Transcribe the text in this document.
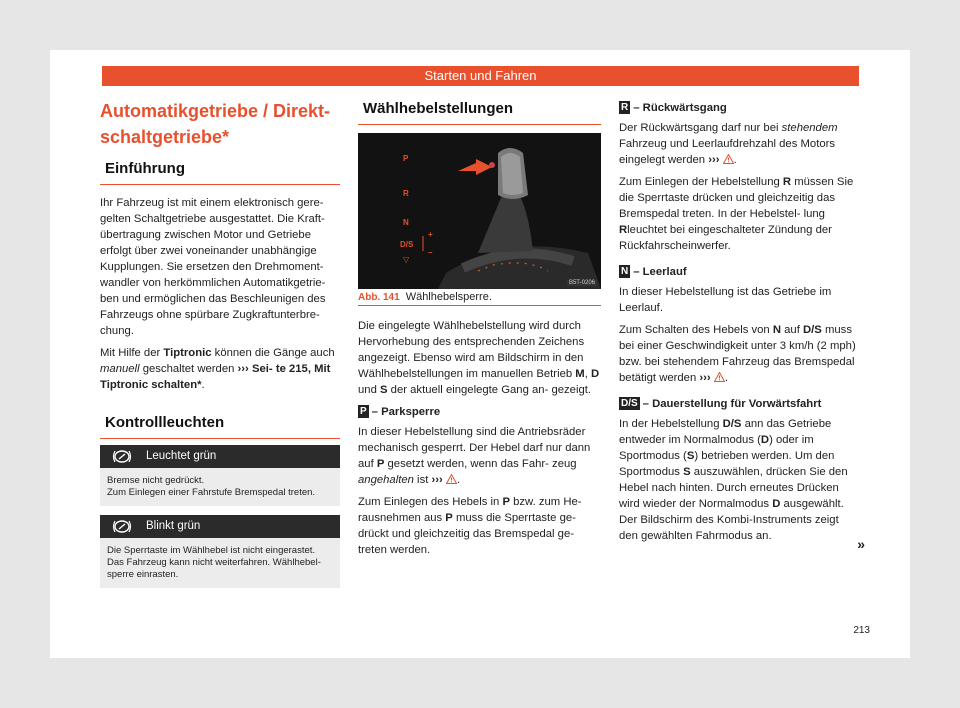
Starten und Fahren
Automatikgetriebe / Direkt-
schaltgetriebe*
Einführung

Ihr Fahrzeug ist mit einem elektronisch gere- gelten Schaltgetriebe ausgestattet. Die Kraft- übertragung zwischen Motor und Getriebe erfolgt über zwei voneinander unabhängige Kupplungen. Sie ersetzen den Drehmoment- wandler von herkömmlichen Automatikgetrie- ben und ermöglichen das Beschleunigen des Fahrzeugs ohne spürbare Zugkraftunterbre- chung.

Mit Hilfe der Tiptronic können die Gänge auch manuell geschaltet werden ››› Sei- te 215, Mit Tiptronic schalten*.

Kontrollleuchten
Leuchtet grün
Bremse nicht gedrückt.
Zum Einlegen einer Fahrstufe Bremspedal treten.
Blinkt grün
Die Sperrtaste im Wählhebel ist nicht eingerastet. Das Fahrzeug kann nicht weiterfahren. Wählhebel- sperre einrasten.
Wählhebelstellungen
P
R
N
D/S
▽
+
–
B5T-0206
Abb. 141 Wählhebelsperre.

Die eingelegte Wählhebelstellung wird durch Hervorhebung des entsprechenden Zeichens angezeigt. Ebenso wird am Bildschirm in den Wählhebelstellungen im manuellen Betrieb M, D und S der aktuell eingelegte Gang an- gezeigt.

P – Parksperre

In dieser Hebelstellung sind die Antriebsräder mechanisch gesperrt. Der Hebel darf nur dann auf P gesetzt werden, wenn das Fahr- zeug angehalten ist ››› .

Zum Einlegen des Hebels in P bzw. zum He- rausnehmen aus P muss die Sperrtaste ge- drückt und gleichzeitig das Bremspedal ge- treten werden.

R – Rückwärtsgang

Der Rückwärtsgang darf nur bei stehendem Fahrzeug und Leerlaufdrehzahl des Motors eingelegt werden ››› .

Zum Einlegen der Hebelstellung R müssen Sie die Sperrtaste drücken und gleichzeitig das Bremspedal treten. In der Hebelstel- lung Rleuchtet bei eingeschalteter Zündung der Rückfahrscheinwerfer.

N – Leerlauf

In dieser Hebelstellung ist das Getriebe im Leerlauf.

Zum Schalten des Hebels von N auf D/S muss bei einer Geschwindigkeit unter 3 km/h (2 mph) bzw. bei stehendem Fahrzeug das Bremspedal betätigt werden ››› .

D/S – Dauerstellung für Vorwärtsfahrt

In der Hebelstellung D/S ann das Getriebe entweder im Normalmodus (D) oder im Sportmodus (S) betrieben werden. Um den Sportmodus S auszuwählen, drücken Sie den Hebel nach hinten. Durch erneutes Drücken wird wieder der Normalmodus D ausgewählt. Der Bildschirm des Kombi-Instruments zeigt den gewählten Fahrmodus an.	»
213
